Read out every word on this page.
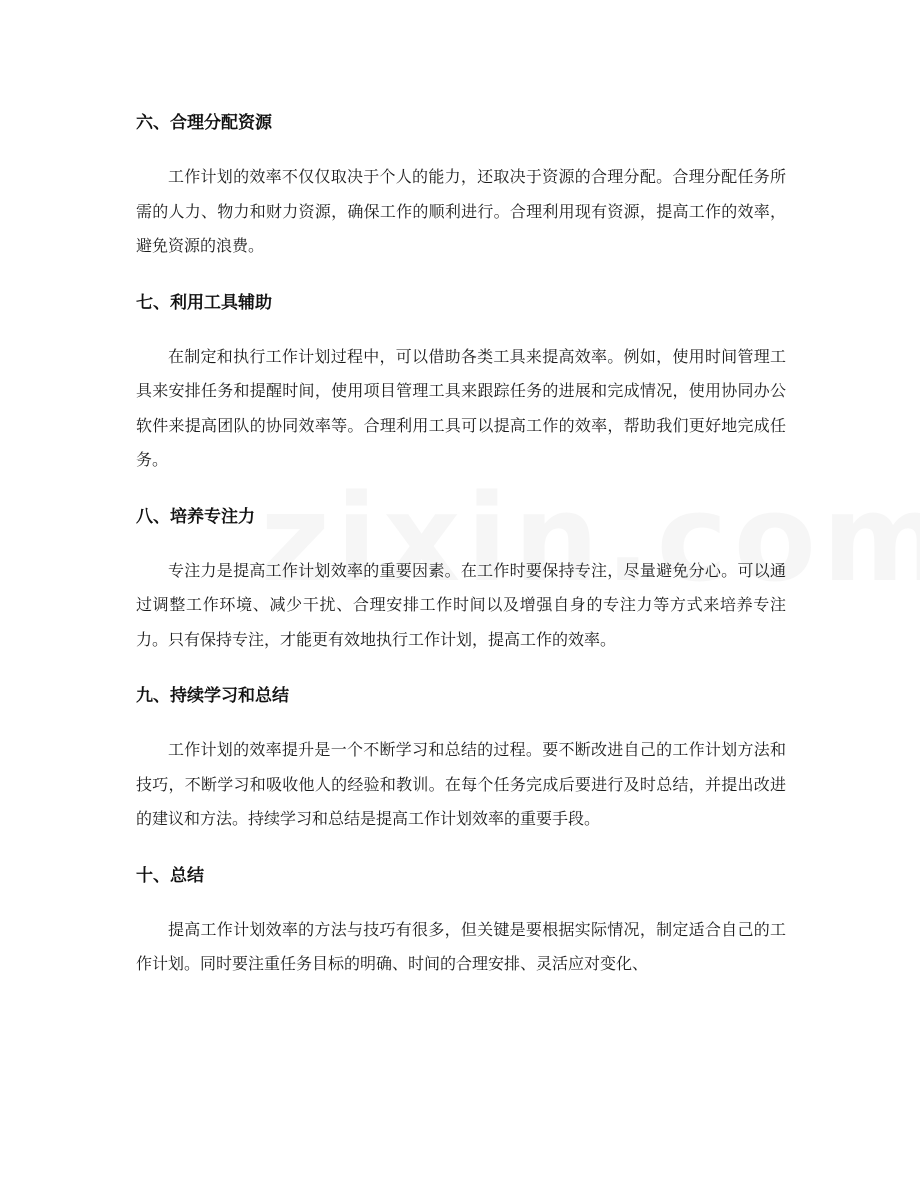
六、合理分配资源

工作计划的效率不仅仅取决于个人的能力，还取决于资源的合理分配。合理分配任务所需的人力、物力和财力资源，确保工作的顺利进行。合理利用现有资源，提高工作的效率，避免资源的浪费。

七、利用工具辅助

在制定和执行工作计划过程中，可以借助各类工具来提高效率。例如，使用时间管理工具来安排任务和提醒时间，使用项目管理工具来跟踪任务的进展和完成情况，使用协同办公软件来提高团队的协同效率等。合理利用工具可以提高工作的效率，帮助我们更好地完成任务。

八、培养专注力

专注力是提高工作计划效率的重要因素。在工作时要保持专注，尽量避免分心。可以通过调整工作环境、减少干扰、合理安排工作时间以及增强自身的专注力等方式来培养专注力。只有保持专注，才能更有效地执行工作计划，提高工作的效率。

九、持续学习和总结

工作计划的效率提升是一个不断学习和总结的过程。要不断改进自己的工作计划方法和技巧，不断学习和吸收他人的经验和教训。在每个任务完成后要进行及时总结，并提出改进的建议和方法。持续学习和总结是提高工作计划效率的重要手段。

十、总结

提高工作计划效率的方法与技巧有很多，但关键是要根据实际情况，制定适合自己的工作计划。同时要注重任务目标的明确、时间的合理安排、灵活应对变化、
